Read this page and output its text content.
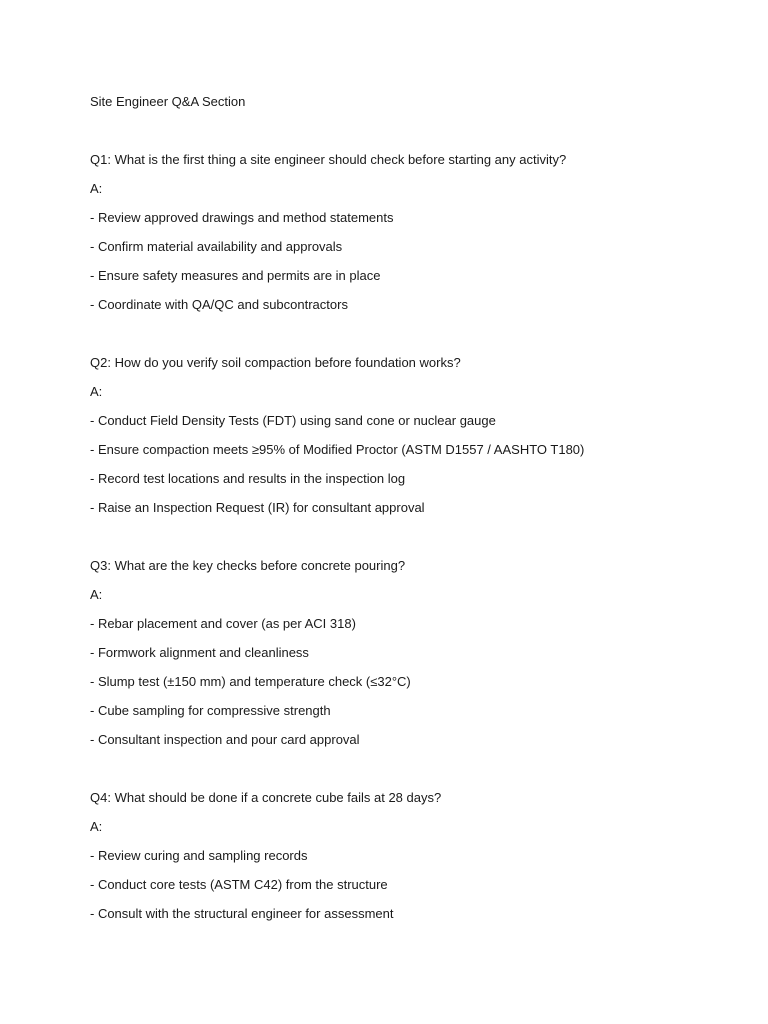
Site Engineer Q&A Section
Q1: What is the first thing a site engineer should check before starting any activity?
A:
- Review approved drawings and method statements
- Confirm material availability and approvals
- Ensure safety measures and permits are in place
- Coordinate with QA/QC and subcontractors
Q2: How do you verify soil compaction before foundation works?
A:
- Conduct Field Density Tests (FDT) using sand cone or nuclear gauge
- Ensure compaction meets ≥95% of Modified Proctor (ASTM D1557 / AASHTO T180)
- Record test locations and results in the inspection log
- Raise an Inspection Request (IR) for consultant approval
Q3: What are the key checks before concrete pouring?
A:
- Rebar placement and cover (as per ACI 318)
- Formwork alignment and cleanliness
- Slump test (±150 mm) and temperature check (≤32°C)
- Cube sampling for compressive strength
- Consultant inspection and pour card approval
Q4: What should be done if a concrete cube fails at 28 days?
A:
- Review curing and sampling records
- Conduct core tests (ASTM C42) from the structure
- Consult with the structural engineer for assessment
